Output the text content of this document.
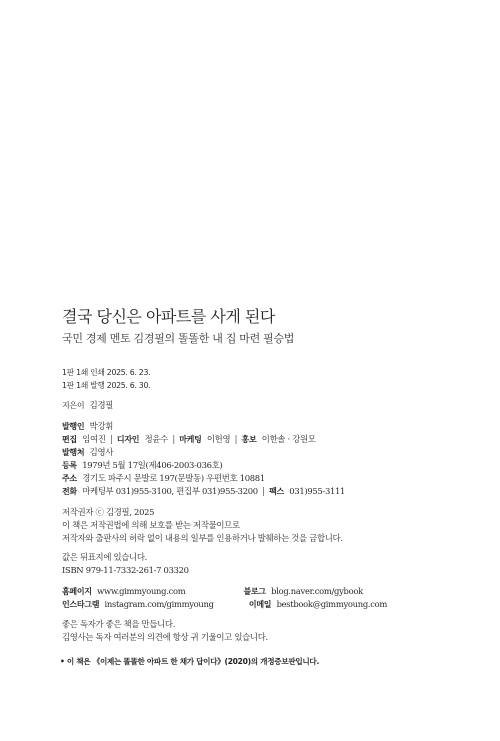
결국 당신은 아파트를 사게 된다
국민 경제 멘토 김경필의 똘똘한 내 집 마련 필승법
1판 1쇄 인쇄 2025. 6. 23.
1판 1쇄 발행 2025. 6. 30.
지은이 김경필
발행인 박강휘
편집 임여진 | 디자인 정윤수 | 마케팅 이헌영 | 홍보 이한솔 · 강원모
발행처 김영사
등록 1979년 5월 17일(제406-2003-036호)
주소 경기도 파주시 문발로 197(문발동) 우편번호 10881
전화 마케팅부 031)955-3100, 편집부 031)955-3200 | 팩스 031)955-3111
저작권자 ⓒ 김경필, 2025
이 책은 저작권법에 의해 보호를 받는 저작물이므로
저작자와 출판사의 허락 없이 내용의 일부를 인용하거나 발췌하는 것을 금합니다.
값은 뒤표지에 있습니다.
ISBN 979-11-7332-261-7 03320
홈페이지 www.gimmyoung.com	블로그 blog.naver.com/gybook
인스타그램 instagram.com/gimmyoung	이메일 bestbook@gimmyoung.com
좋은 독자가 좋은 책을 만듭니다.
김영사는 독자 여러분의 의견에 항상 귀 기울이고 있습니다.
• 이 책은 《이제는 똘똘한 아파트 한 채가 답이다》(2020)의 개정증보판입니다.
